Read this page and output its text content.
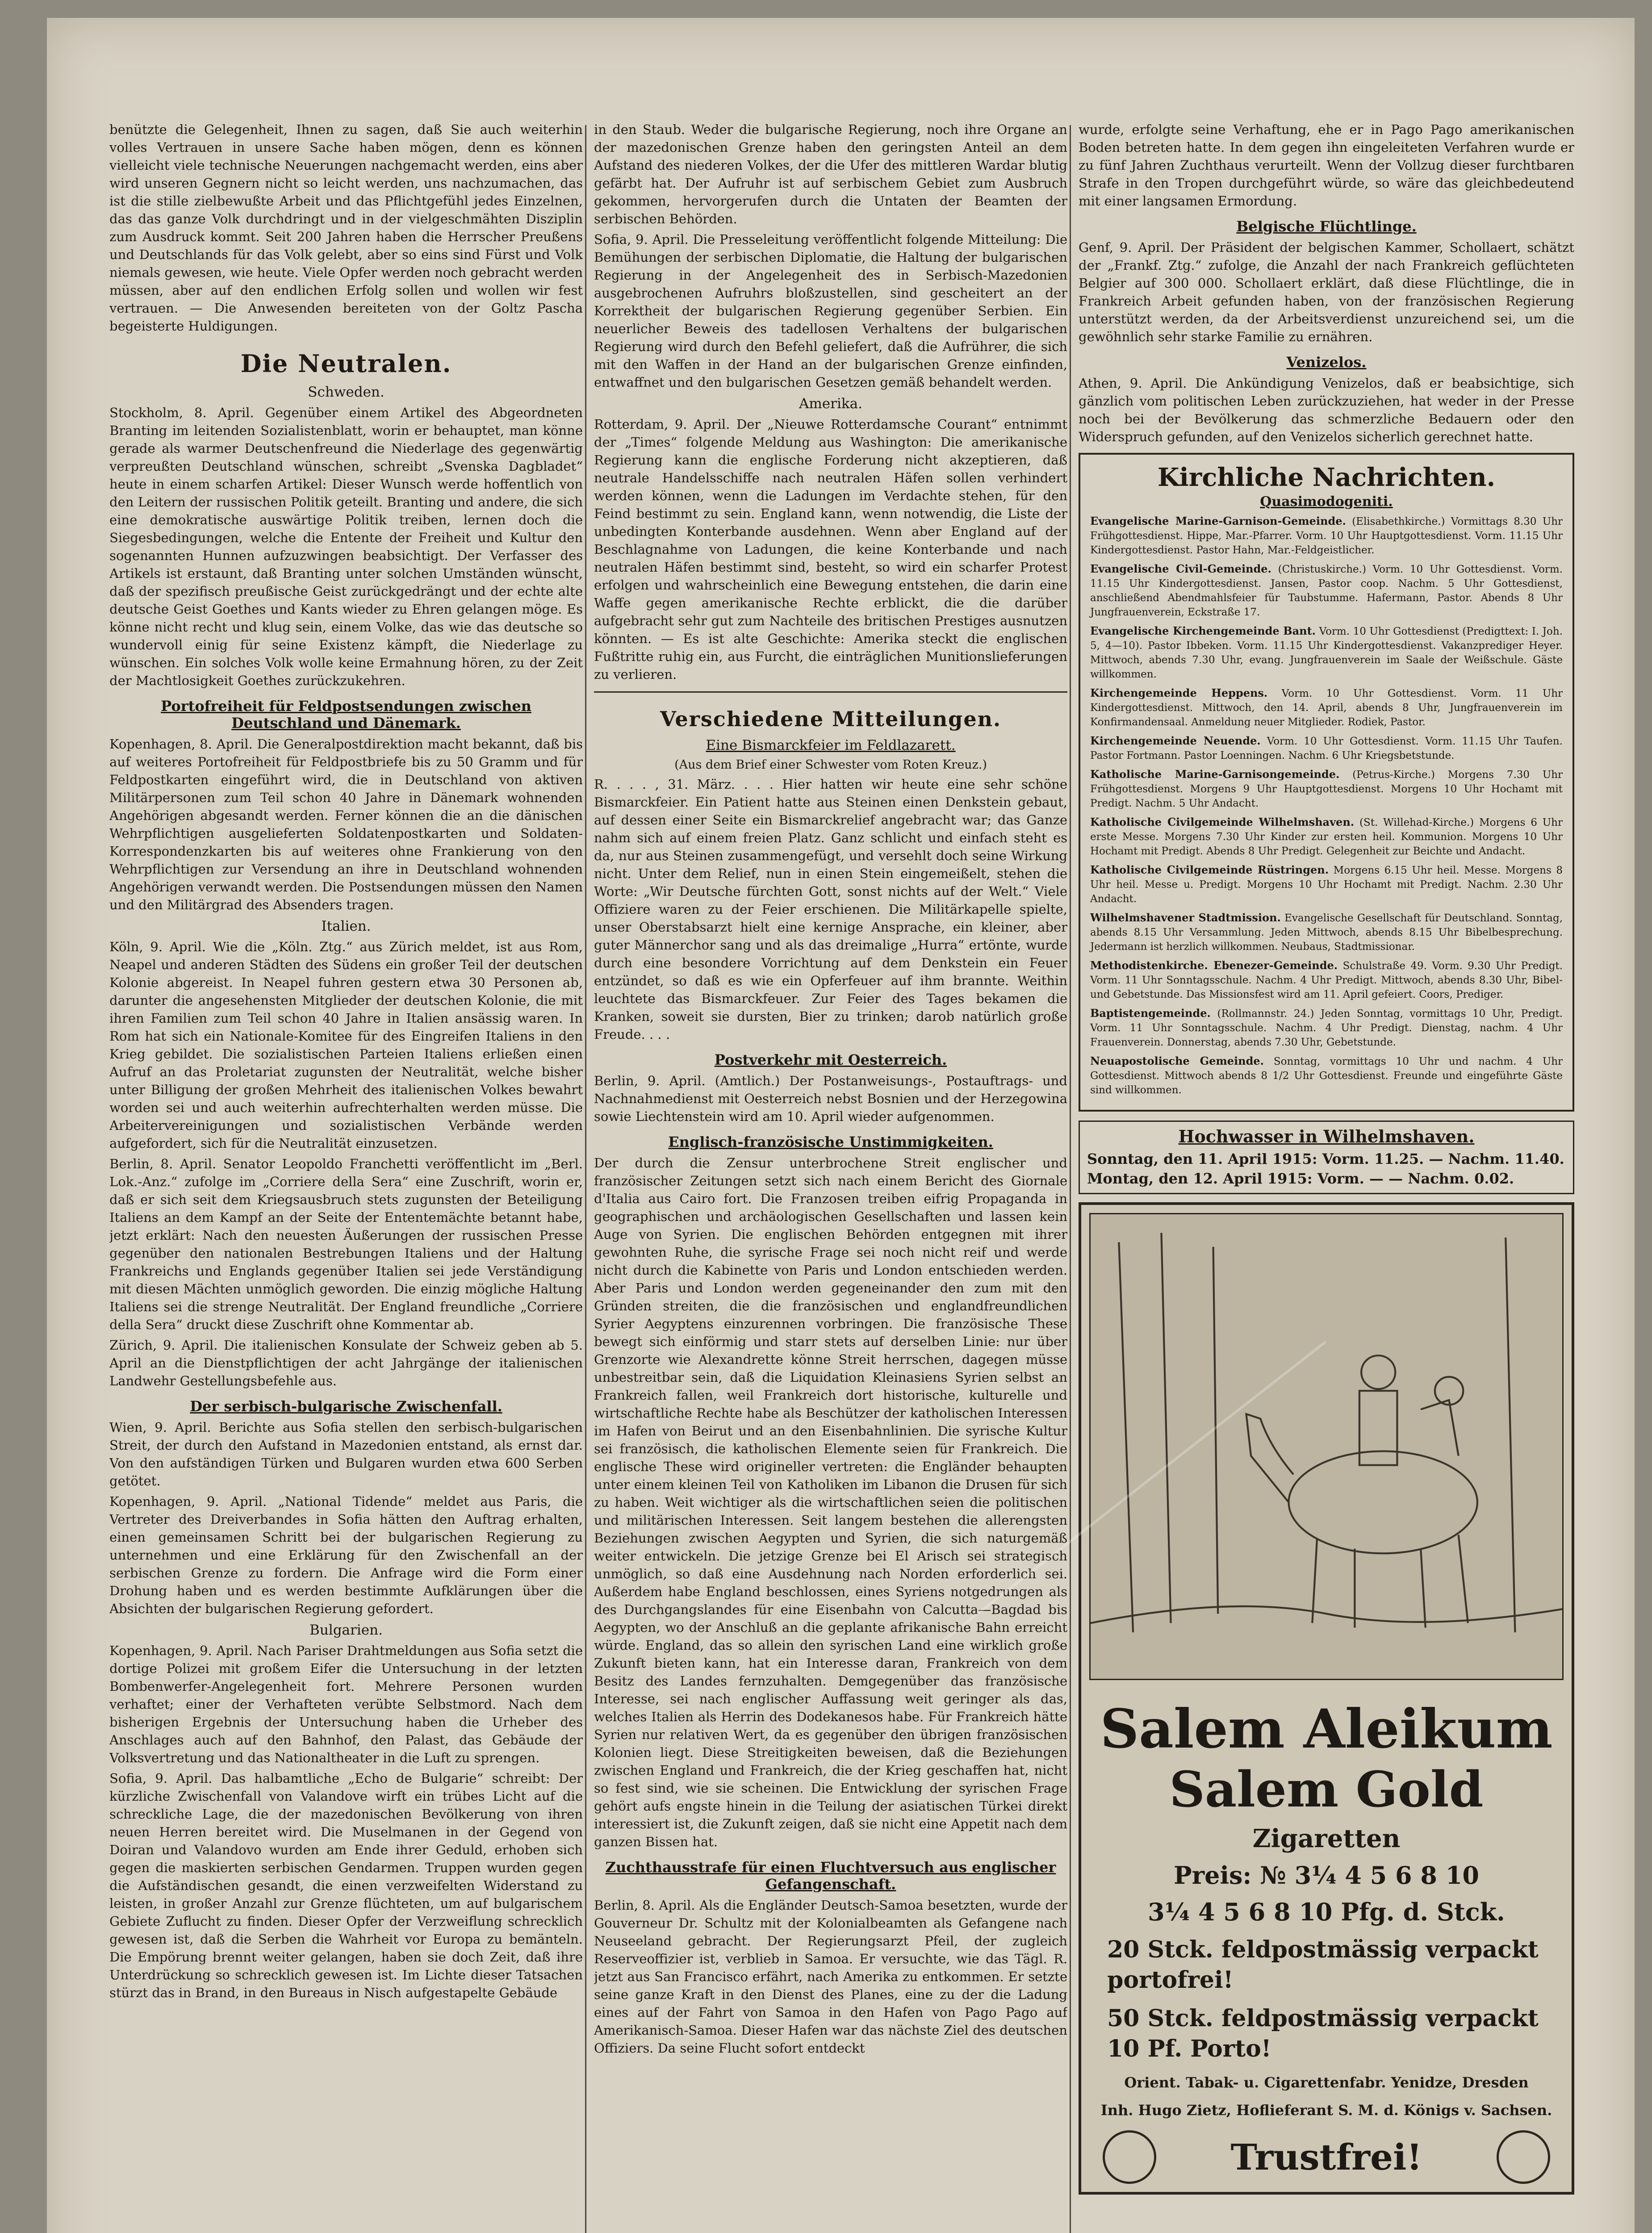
benützte die Gelegenheit, Ihnen zu sagen, daß Sie auch weiterhin volles Vertrauen in unsere Sache haben mögen, denn es können vielleicht viele technische Neuerungen nachgemacht werden, eins aber wird unseren Gegnern nicht so leicht werden, uns nachzumachen, das ist die stille zielbewußte Arbeit und das Pflichtgefühl jedes Einzelnen, das das ganze Volk durchdringt und in der vielgeschmähten Disziplin zum Ausdruck kommt. Seit 200 Jahren haben die Herrscher Preußens und Deutschlands für das Volk gelebt, aber so eins sind Fürst und Volk niemals gewesen, wie heute. Viele Opfer werden noch gebracht werden müssen, aber auf den endlichen Erfolg sollen und wollen wir fest vertrauen. — Die Anwesenden bereiteten von der Goltz Pascha begeisterte Huldigungen.

Die Neutralen.
Schweden.

Stockholm, 8. April. Gegenüber einem Artikel des Abgeordneten Branting im leitenden Sozialistenblatt, worin er behauptet, man könne gerade als warmer Deutschenfreund die Niederlage des gegenwärtig verpreußten Deutschland wünschen, schreibt „Svenska Dagbladet“ heute in einem scharfen Artikel: Dieser Wunsch werde hoffentlich von den Leitern der russischen Politik geteilt. Branting und andere, die sich eine demokratische auswärtige Politik treiben, lernen doch die Siegesbedingungen, welche die Entente der Freiheit und Kultur den sogenannten Hunnen aufzuzwingen beabsichtigt. Der Verfasser des Artikels ist erstaunt, daß Branting unter solchen Umständen wünscht, daß der spezifisch preußische Geist zurückgedrängt und der echte alte deutsche Geist Goethes und Kants wieder zu Ehren gelangen möge. Es könne nicht recht und klug sein, einem Volke, das wie das deutsche so wundervoll einig für seine Existenz kämpft, die Niederlage zu wünschen. Ein solches Volk wolle keine Ermahnung hören, zu der Zeit der Machtlosigkeit Goethes zurückzukehren.

Portofreiheit für Feldpostsendungen zwischen Deutschland und Dänemark.

Kopenhagen, 8. April. Die Generalpostdirektion macht bekannt, daß bis auf weiteres Portofreiheit für Feldpostbriefe bis zu 50 Gramm und für Feldpostkarten eingeführt wird, die in Deutschland von aktiven Militärpersonen zum Teil schon 40 Jahre in Dänemark wohnenden Angehörigen abgesandt werden. Ferner können die an die dänischen Wehrpflichtigen ausgelieferten Soldatenpostkarten und Soldaten-Korrespondenzkarten bis auf weiteres ohne Frankierung von den Wehrpflichtigen zur Versendung an ihre in Deutschland wohnenden Angehörigen verwandt werden. Die Postsendungen müssen den Namen und den Militärgrad des Absenders tragen.

Italien.

Köln, 9. April. Wie die „Köln. Ztg.“ aus Zürich meldet, ist aus Rom, Neapel und anderen Städten des Südens ein großer Teil der deutschen Kolonie abgereist. In Neapel fuhren gestern etwa 30 Personen ab, darunter die angesehensten Mitglieder der deutschen Kolonie, die mit ihren Familien zum Teil schon 40 Jahre in Italien ansässig waren. In Rom hat sich ein Nationale-Komitee für des Eingreifen Italiens in den Krieg gebildet. Die sozialistischen Parteien Italiens erließen einen Aufruf an das Proletariat zugunsten der Neutralität, welche bisher unter Billigung der großen Mehrheit des italienischen Volkes bewahrt worden sei und auch weiterhin aufrechterhalten werden müsse. Die Arbeitervereinigungen und sozialistischen Verbände werden aufgefordert, sich für die Neutralität einzusetzen.

Berlin, 8. April. Senator Leopoldo Franchetti veröffentlicht im „Berl. Lok.-Anz.“ zufolge im „Corriere della Sera“ eine Zuschrift, worin er, daß er sich seit dem Kriegsausbruch stets zugunsten der Beteiligung Italiens an dem Kampf an der Seite der Ententemächte betannt habe, jetzt erklärt: Nach den neuesten Äußerungen der russischen Presse gegenüber den nationalen Bestrebungen Italiens und der Haltung Frankreichs und Englands gegenüber Italien sei jede Verständigung mit diesen Mächten unmöglich geworden. Die einzig mögliche Haltung Italiens sei die strenge Neutralität. Der England freundliche „Corriere della Sera“ druckt diese Zuschrift ohne Kommentar ab.

Zürich, 9. April. Die italienischen Konsulate der Schweiz geben ab 5. April an die Dienstpflichtigen der acht Jahrgänge der italienischen Landwehr Gestellungsbefehle aus.

Der serbisch-bulgarische Zwischenfall.

Wien, 9. April. Berichte aus Sofia stellen den serbisch-bulgarischen Streit, der durch den Aufstand in Mazedonien entstand, als ernst dar. Von den aufständigen Türken und Bulgaren wurden etwa 600 Serben getötet.

Kopenhagen, 9. April. „National Tidende“ meldet aus Paris, die Vertreter des Dreiverbandes in Sofia hätten den Auftrag erhalten, einen gemeinsamen Schritt bei der bulgarischen Regierung zu unternehmen und eine Erklärung für den Zwischenfall an der serbischen Grenze zu fordern. Die Anfrage wird die Form einer Drohung haben und es werden bestimmte Aufklärungen über die Absichten der bulgarischen Regierung gefordert.

Bulgarien.

Kopenhagen, 9. April. Nach Pariser Drahtmeldungen aus Sofia setzt die dortige Polizei mit großem Eifer die Untersuchung in der letzten Bombenwerfer-Angelegenheit fort. Mehrere Personen wurden verhaftet; einer der Verhafteten verübte Selbstmord. Nach dem bisherigen Ergebnis der Untersuchung haben die Urheber des Anschlages auch auf den Bahnhof, den Palast, das Gebäude der Volksvertretung und das Nationaltheater in die Luft zu sprengen.

Sofia, 9. April. Das halbamtliche „Echo de Bulgarie“ schreibt: Der kürzliche Zwischenfall von Valandove wirft ein trübes Licht auf die schreckliche Lage, die der mazedonischen Bevölkerung von ihren neuen Herren bereitet wird. Die Muselmanen in der Gegend von Doiran und Valandovo wurden am Ende ihrer Geduld, erhoben sich gegen die maskierten serbischen Gendarmen. Truppen wurden gegen die Aufständischen gesandt, die einen verzweifelten Widerstand zu leisten, in großer Anzahl zur Grenze flüchteten, um auf bulgarischem Gebiete Zuflucht zu finden. Dieser Opfer der Verzweiflung schrecklich gewesen ist, daß die Serben die Wahrheit vor Europa zu bemänteln. Die Empörung brennt weiter gelangen, haben sie doch Zeit, daß ihre Unterdrückung so schrecklich gewesen ist. Im Lichte dieser Tatsachen stürzt das in Brand, in den Bureaus in Nisch aufgestapelte Gebäude

in den Staub. Weder die bulgarische Regierung, noch ihre Organe an der mazedonischen Grenze haben den geringsten Anteil an dem Aufstand des niederen Volkes, der die Ufer des mittleren Wardar blutig gefärbt hat. Der Aufruhr ist auf serbischem Gebiet zum Ausbruch gekommen, hervorgerufen durch die Untaten der Beamten der serbischen Behörden.

Sofia, 9. April. Die Presseleitung veröffentlicht folgende Mitteilung: Die Bemühungen der serbischen Diplomatie, die Haltung der bulgarischen Regierung in der Angelegenheit des in Serbisch-Mazedonien ausgebrochenen Aufruhrs bloßzustellen, sind gescheitert an der Korrektheit der bulgarischen Regierung gegenüber Serbien. Ein neuerlicher Beweis des tadellosen Verhaltens der bulgarischen Regierung wird durch den Befehl geliefert, daß die Aufrührer, die sich mit den Waffen in der Hand an der bulgarischen Grenze einfinden, entwaffnet und den bulgarischen Gesetzen gemäß behandelt werden.

Amerika.

Rotterdam, 9. April. Der „Nieuwe Rotterdamsche Courant“ entnimmt der „Times“ folgende Meldung aus Washington: Die amerikanische Regierung kann die englische Forderung nicht akzeptieren, daß neutrale Handelsschiffe nach neutralen Häfen sollen verhindert werden können, wenn die Ladungen im Verdachte stehen, für den Feind bestimmt zu sein. England kann, wenn notwendig, die Liste der unbedingten Konterbande ausdehnen. Wenn aber England auf der Beschlagnahme von Ladungen, die keine Konterbande und nach neutralen Häfen bestimmt sind, besteht, so wird ein scharfer Protest erfolgen und wahrscheinlich eine Bewegung entstehen, die darin eine Waffe gegen amerikanische Rechte erblickt, die die darüber aufgebracht sehr gut zum Nachteile des britischen Prestiges ausnutzen könnten. — Es ist alte Geschichte: Amerika steckt die englischen Fußtritte ruhig ein, aus Furcht, die einträglichen Munitionslieferungen zu verlieren.

Verschiedene Mitteilungen.
Eine Bismarckfeier im Feldlazarett.
(Aus dem Brief einer Schwester vom Roten Kreuz.)

R. . . . , 31. März. . . . Hier hatten wir heute eine sehr schöne Bismarckfeier. Ein Patient hatte aus Steinen einen Denkstein gebaut, auf dessen einer Seite ein Bismarckrelief angebracht war; das Ganze nahm sich auf einem freien Platz. Ganz schlicht und einfach steht es da, nur aus Steinen zusammengefügt, und versehlt doch seine Wirkung nicht. Unter dem Relief, nun in einen Stein eingemeißelt, stehen die Worte: „Wir Deutsche fürchten Gott, sonst nichts auf der Welt.“ Viele Offiziere waren zu der Feier erschienen. Die Militärkapelle spielte, unser Oberstabsarzt hielt eine kernige Ansprache, ein kleiner, aber guter Männerchor sang und als das dreimalige „Hurra“ ertönte, wurde durch eine besondere Vorrichtung auf dem Denkstein ein Feuer entzündet, so daß es wie ein Opferfeuer auf ihm brannte. Weithin leuchtete das Bismarckfeuer. Zur Feier des Tages bekamen die Kranken, soweit sie dursten, Bier zu trinken; darob natürlich große Freude. . . .

Postverkehr mit Oesterreich.

Berlin, 9. April. (Amtlich.) Der Postanweisungs-, Postauftrags- und Nachnahmedienst mit Oesterreich nebst Bosnien und der Herzegowina sowie Liechtenstein wird am 10. April wieder aufgenommen.

Englisch-französische Unstimmigkeiten.

Der durch die Zensur unterbrochene Streit englischer und französischer Zeitungen setzt sich nach einem Bericht des Giornale d'Italia aus Cairo fort. Die Franzosen treiben eifrig Propaganda in geographischen und archäologischen Gesellschaften und lassen kein Auge von Syrien. Die englischen Behörden entgegnen mit ihrer gewohnten Ruhe, die syrische Frage sei noch nicht reif und werde nicht durch die Kabinette von Paris und London entschieden werden. Aber Paris und London werden gegeneinander den zum mit den Gründen streiten, die die französischen und englandfreundlichen Syrier Aegyptens einzurennen vorbringen. Die französische These bewegt sich einförmig und starr stets auf derselben Linie: nur über Grenzorte wie Alexandrette könne Streit herrschen, dagegen müsse unbestreitbar sein, daß die Liquidation Kleinasiens Syrien selbst an Frankreich fallen, weil Frankreich dort historische, kulturelle und wirtschaftliche Rechte habe als Beschützer der katholischen Interessen im Hafen von Beirut und an den Eisenbahnlinien. Die syrische Kultur sei französisch, die katholischen Elemente seien für Frankreich. Die englische These wird origineller vertreten: die Engländer behaupten unter einem kleinen Teil von Katholiken im Libanon die Drusen für sich zu haben. Weit wichtiger als die wirtschaftlichen seien die politischen und militärischen Interessen. Seit langem bestehen die allerengsten Beziehungen zwischen Aegypten und Syrien, die sich naturgemäß weiter entwickeln. Die jetzige Grenze bei El Arisch sei strategisch unmöglich, so daß eine Ausdehnung nach Norden erforderlich sei. Außerdem habe England beschlossen, eines Syriens notgedrungen als des Durchgangslandes für eine Eisenbahn von Calcutta—Bagdad bis Aegypten, wo der Anschluß an die geplante afrikanische Bahn erreicht würde. England, das so allein den syrischen Land eine wirklich große Zukunft bieten kann, hat ein Interesse daran, Frankreich von dem Besitz des Landes fernzuhalten. Demgegenüber das französische Interesse, sei nach englischer Auffassung weit geringer als das, welches Italien als Herrin des Dodekanesos habe. Für Frankreich hätte Syrien nur relativen Wert, da es gegenüber den übrigen französischen Kolonien liegt. Diese Streitigkeiten beweisen, daß die Beziehungen zwischen England und Frankreich, die der Krieg geschaffen hat, nicht so fest sind, wie sie scheinen. Die Entwicklung der syrischen Frage gehört aufs engste hinein in die Teilung der asiatischen Türkei direkt interessiert ist, die Zukunft zeigen, daß sie nicht eine Appetit nach dem ganzen Bissen hat.

Zuchthausstrafe für einen Fluchtversuch aus englischer Gefangenschaft.

Berlin, 8. April. Als die Engländer Deutsch-Samoa besetzten, wurde der Gouverneur Dr. Schultz mit der Kolonialbeamten als Gefangene nach Neuseeland gebracht. Der Regierungsarzt Pfeil, der zugleich Reserveoffizier ist, verblieb in Samoa. Er versuchte, wie das Tägl. R. jetzt aus San Francisco erfährt, nach Amerika zu entkommen. Er setzte seine ganze Kraft in den Dienst des Planes, eine zu der die Ladung eines auf der Fahrt von Samoa in den Hafen von Pago Pago auf Amerikanisch-Samoa. Dieser Hafen war das nächste Ziel des deutschen Offiziers. Da seine Flucht sofort entdeckt

wurde, erfolgte seine Verhaftung, ehe er in Pago Pago amerikanischen Boden betreten hatte. In dem gegen ihn eingeleiteten Verfahren wurde er zu fünf Jahren Zuchthaus verurteilt. Wenn der Vollzug dieser furchtbaren Strafe in den Tropen durchgeführt würde, so wäre das gleichbedeutend mit einer langsamen Ermordung.

Belgische Flüchtlinge.

Genf, 9. April. Der Präsident der belgischen Kammer, Schollaert, schätzt der „Frankf. Ztg.“ zufolge, die Anzahl der nach Frankreich geflüchteten Belgier auf 300 000. Schollaert erklärt, daß diese Flüchtlinge, die in Frankreich Arbeit gefunden haben, von der französischen Regierung unterstützt werden, da der Arbeitsverdienst unzureichend sei, um die gewöhnlich sehr starke Familie zu ernähren.

Venizelos.

Athen, 9. April. Die Ankündigung Venizelos, daß er beabsichtige, sich gänzlich vom politischen Leben zurückzuziehen, hat weder in der Presse noch bei der Bevölkerung das schmerzliche Bedauern oder den Widerspruch gefunden, auf den Venizelos sicherlich gerechnet hatte.

Kirchliche Nachrichten.
Quasimodogeniti.
Evangelische Marine-Garnison-Gemeinde. (Elisabethkirche.) Vormittags 8.30 Uhr Frühgottesdienst. Hippe, Mar.-Pfarrer. Vorm. 10 Uhr Hauptgottesdienst. Vorm. 11.15 Uhr Kindergottesdienst. Pastor Hahn, Mar.-Feldgeistlicher.
Evangelische Civil-Gemeinde. (Christuskirche.) Vorm. 10 Uhr Gottesdienst. Vorm. 11.15 Uhr Kindergottesdienst. Jansen, Pastor coop. Nachm. 5 Uhr Gottesdienst, anschließend Abendmahlsfeier für Taubstumme. Hafermann, Pastor. Abends 8 Uhr Jungfrauenverein, Eckstraße 17.
Evangelische Kirchengemeinde Bant. Vorm. 10 Uhr Gottesdienst (Predigttext: I. Joh. 5, 4—10). Pastor Ibbeken. Vorm. 11.15 Uhr Kindergottesdienst. Vakanzprediger Heyer. Mittwoch, abends 7.30 Uhr, evang. Jungfrauenverein im Saale der Weißschule. Gäste willkommen.
Kirchengemeinde Heppens. Vorm. 10 Uhr Gottesdienst. Vorm. 11 Uhr Kindergottesdienst. Mittwoch, den 14. April, abends 8 Uhr, Jungfrauenverein im Konfirmandensaal. Anmeldung neuer Mitglieder. Rodiek, Pastor.
Kirchengemeinde Neuende. Vorm. 10 Uhr Gottesdienst. Vorm. 11.15 Uhr Taufen. Pastor Fortmann. Pastor Loenningen. Nachm. 6 Uhr Kriegsbetstunde.
Katholische Marine-Garnisongemeinde. (Petrus-Kirche.) Morgens 7.30 Uhr Frühgottesdienst. Morgens 9 Uhr Hauptgottesdienst. Morgens 10 Uhr Hochamt mit Predigt. Nachm. 5 Uhr Andacht.
Katholische Civilgemeinde Wilhelmshaven. (St. Willehad-Kirche.) Morgens 6 Uhr erste Messe. Morgens 7.30 Uhr Kinder zur ersten heil. Kommunion. Morgens 10 Uhr Hochamt mit Predigt. Abends 8 Uhr Predigt. Gelegenheit zur Beichte und Andacht.
Katholische Civilgemeinde Rüstringen. Morgens 6.15 Uhr heil. Messe. Morgens 8 Uhr heil. Messe u. Predigt. Morgens 10 Uhr Hochamt mit Predigt. Nachm. 2.30 Uhr Andacht.
Wilhelmshavener Stadtmission. Evangelische Gesellschaft für Deutschland. Sonntag, abends 8.15 Uhr Versammlung. Jeden Mittwoch, abends 8.15 Uhr Bibelbesprechung. Jedermann ist herzlich willkommen. Neubaus, Stadtmissionar.
Methodistenkirche. Ebenezer-Gemeinde. Schulstraße 49. Vorm. 9.30 Uhr Predigt. Vorm. 11 Uhr Sonntagsschule. Nachm. 4 Uhr Predigt. Mittwoch, abends 8.30 Uhr, Bibel- und Gebetstunde. Das Missionsfest wird am 11. April gefeiert. Coors, Prediger.
Baptistengemeinde. (Rollmannstr. 24.) Jeden Sonntag, vormittags 10 Uhr, Predigt. Vorm. 11 Uhr Sonntagsschule. Nachm. 4 Uhr Predigt. Dienstag, nachm. 4 Uhr Frauenverein. Donnerstag, abends 7.30 Uhr, Gebetstunde.
Neuapostolische Gemeinde. Sonntag, vormittags 10 Uhr und nachm. 4 Uhr Gottesdienst. Mittwoch abends 8 1/2 Uhr Gottesdienst. Freunde und eingeführte Gäste sind willkommen.
Hochwasser in Wilhelmshaven.
Sonntag, den 11. April 1915: Vorm. 11.25. — Nachm. 11.40.
Montag, den 12. April 1915: Vorm. — — Nachm. 0.02.
Salem Aleikum
Salem Gold
Zigaretten
Preis: № 3¼ 4 5 6 8 10
3¼ 4 5 6 8 10 Pfg. d. Stck.
20 Stck. feldpostmässig verpackt portofrei!
50 Stck. feldpostmässig verpackt 10 Pf. Porto!
Orient. Tabak- u. Cigarettenfabr. Yenidze, Dresden
Inh. Hugo Zietz, Hoflieferant S. M. d. Königs v. Sachsen.
Trustfrei!
